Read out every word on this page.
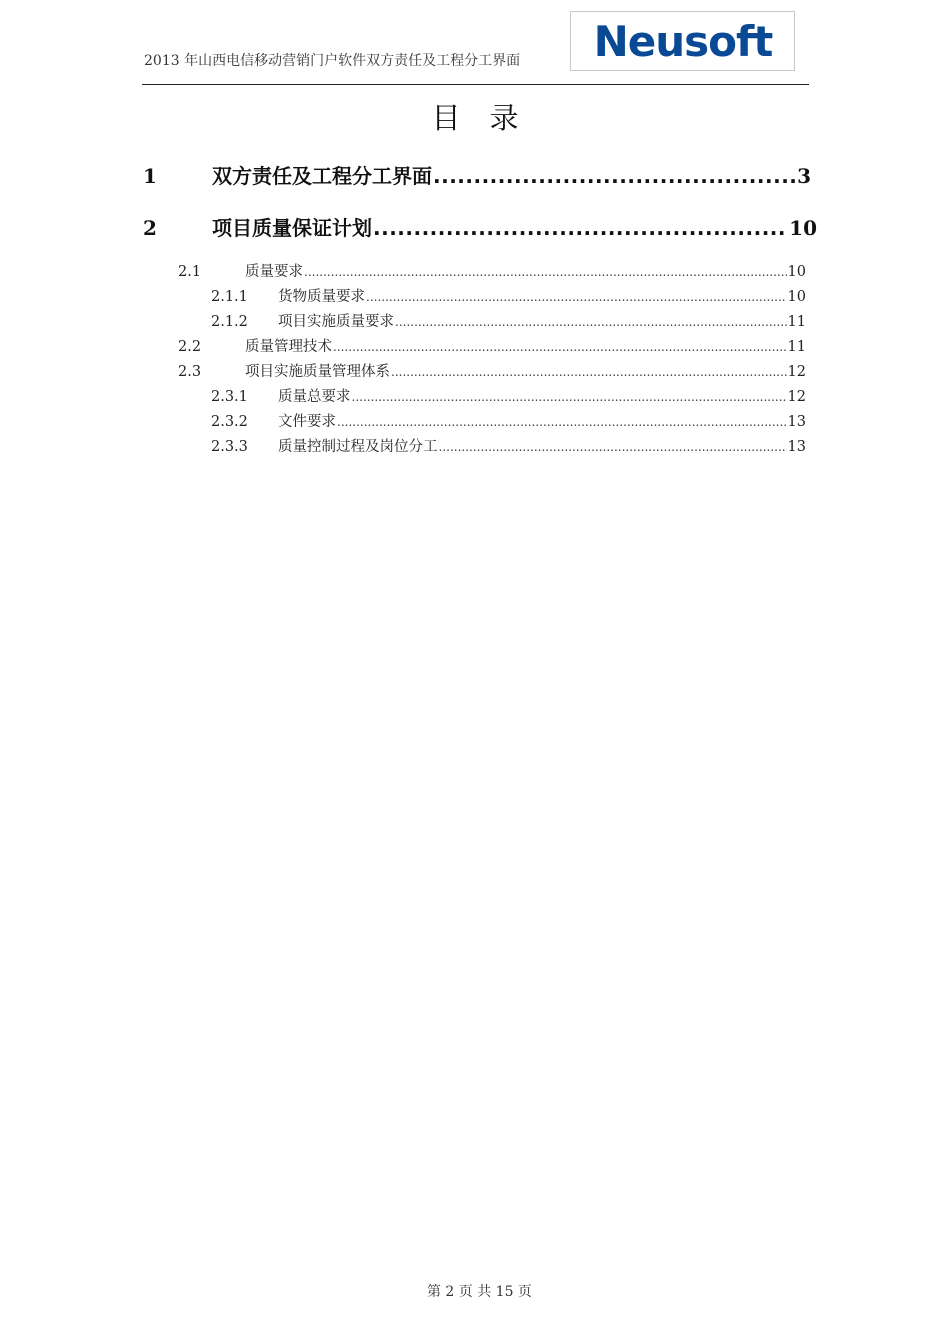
2013 年山西电信移动营销门户软件双方责任及工程分工界面 Neusoft
目　录
1	双方责任及工程分工界面 .....	3
2	项目质量保证计划 .....	10
2.1	质量要求 .....	10
2.1.1	货物质量要求 .....	10
2.1.2	项目实施质量要求 .....	11
2.2	质量管理技术 .....	11
2.3	项目实施质量管理体系 .....	12
2.3.1	质量总要求 .....	12
2.3.2	文件要求 .....	13
2.3.3	质量控制过程及岗位分工 .....	13

第 2 页 共 15 页
